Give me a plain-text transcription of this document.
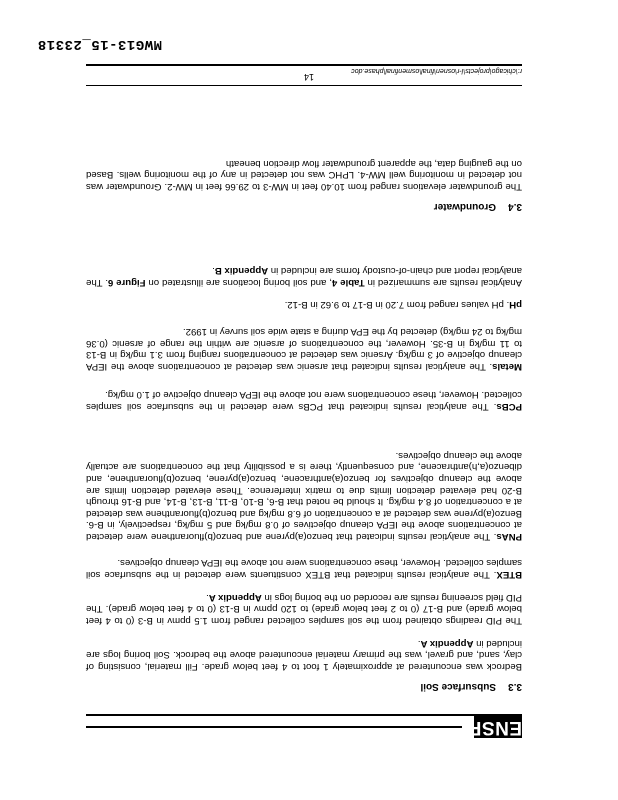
ENSR
3.3Subsurface Soil

Bedrock was encountered at approximately 1 foot to 4 feet below grade. Fill material, consisting of clay, sand, and gravel, was the primary material encountered above the bedrock. Soil boring logs are included in Appendix A.

The PID readings obtained from the soil samples collected ranged from 1.5 ppmv in B-3 (0 to 4 feet below grade) and B-17 (0 to 2 feet below grade) to 120 ppmv in B-13 (0 to 4 feet below grade). The PID field screening results are recorded on the boring logs in Appendix A.

BTEX. The analytical results indicated that BTEX constituents were detected in the subsurface soil samples collected. However, these concentrations were not above the IEPA cleanup objectives.

PNAs. The analytical results indicated that benzo(a)pyrene and benzo(b)fluoranthene were detected at concentrations above the IEPA cleanup objectives of 0.8 mg/kg and 5 mg/kg, respectively, in B-6. Benzo(a)pyrene was detected at a concentration of 6.8 mg/kg and benzo(b)fluoranthene was detected at a concentration of 8.4 mg/kg. It should be noted that B-6, B-10, B-11, B-13, B-14, and B-16 through B-20 had elevated detection limits due to matrix interference. These elevated detection limits are above the cleanup objectives for benzo(a)anthracene, benzo(a)pyrene, benzo(b)fluoranthene, and dibenzo(a,h)anthracene, and consequently, there is a possibility that the concentrations are actually above the cleanup objectives.

PCBs. The analytical results indicated that PCBs were detected in the subsurface soil samples collected. However, these concentrations were not above the IEPA cleanup objective of 1.0 mg/kg.

Metals. The analytical results indicated that arsenic was detected at concentrations above the IEPA cleanup objective of 3 mg/kg. Arsenic was detected at concentrations ranging from 3.1 mg/kg in B-13 to 11 mg/kg in B-35. However, the concentrations of arsenic are within the range of arsenic (0.36 mg/kg to 24 mg/kg) detected by the EPA during a state wide soil survey in 1992.

pH. pH values ranged from 7.20 in B-17 to 9.62 in B-12.

Analytical results are summarized in Table 4, and soil boring locations are illustrated on Figure 6. The analytical report and chain-of-custody forms are included in Appendix B.

3.4Groundwater

The groundwater elevations ranged from 10.40 feet in MW-3 to 29.66 feet in MW-2. Groundwater was not detected in monitoring well MW-4. LPHC was not detected in any of the monitoring wells. Based on the gauging data, the apparent groundwater flow direction beneath

14
r:\chicago\projects\l-r\osnen\final\osmenfinal\phase.doc
MWG13-15_23318
